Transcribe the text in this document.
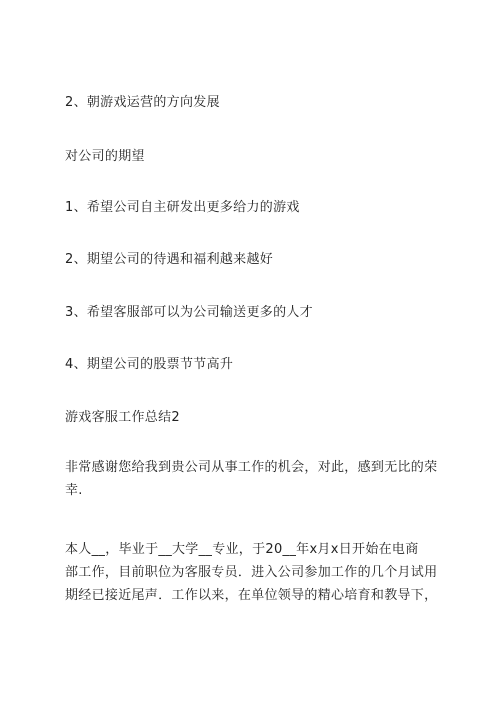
2、朝游戏运营的方向发展
对公司的期望
1、希望公司自主研发出更多给力的游戏
2、期望公司的待遇和福利越来越好
3、希望客服部可以为公司输送更多的人才
4、期望公司的股票节节高升
游戏客服工作总结2
非常感谢您给我到贵公司从事工作的机会，对此，感到无比的荣
幸.
本人__，毕业于__大学__专业，于20__年x月x日开始在电商
部工作，目前职位为客服专员．进入公司参加工作的几个月试用
期经已接近尾声．工作以来，在单位领导的精心培育和教导下，
